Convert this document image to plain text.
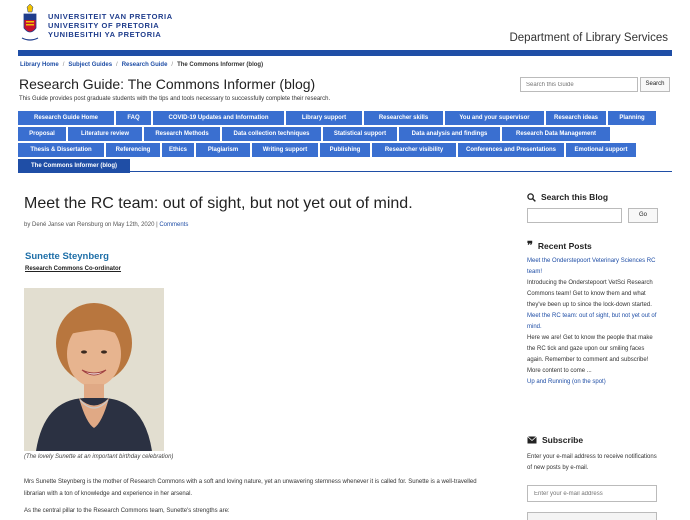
UNIVERSITEIT VAN PRETORIA
UNIVERSITY OF PRETORIA
YUNIBESITHI YA PRETORIA	Department of Library Services
Library Home / Subject Guides / Research Guide / The Commons Informer (blog)
Research Guide: The Commons Informer (blog)
This Guide provides post graduate students with the tips and tools necessary to successfully complete their research.
Search this Guide
Search
Research Guide Home	FAQ	COVID-19 Updates and Information	Library support	Researcher skills	You and your supervisor	Research ideas	Planning
Proposal	Literature review	Research Methods	Data collection techniques	Statistical support	Data analysis and findings	Research Data Management
Thesis & Dissertation	Referencing	Ethics	Plagiarism	Writing support	Publishing	Researcher visibility	Conferences and Presentations	Emotional support
The Commons Informer (blog)
Meet the RC team: out of sight, but not yet out of mind.
by Dené Janse van Rensburg on May 12th, 2020 | Comments
Sunette Steynberg
Research Commons Co-ordinator
(The lovely Sunette at an important birthday celebration)
Mrs Sunette Steynberg is the mother of Research Commons with a soft and loving nature, yet an unwavering sternness whenever it is called for. Sunette is a well-travelled librarian with a ton of knowledge and experience in her arsenal.
As the central pillar to the Research Commons team, Sunette's strengths are:
Search this Blog
Go
❞ Recent Posts
Meet the Onderstepoort Veterinary Sciences RC team!
Introducing the Onderstepoort VetSci Research Commons team! Get to know them and what they've been up to since the lock-down started.
Meet the RC team: out of sight, but not yet out of mind.
Here we are! Get to know the people that make the RC tick and gaze upon our smiling faces again. Remember to comment and subscribe! More content to come ...
Up and Running (on the spot)
Subscribe
Enter your e-mail address to receive notifications of new posts by e-mail.
Enter your e-mail address
